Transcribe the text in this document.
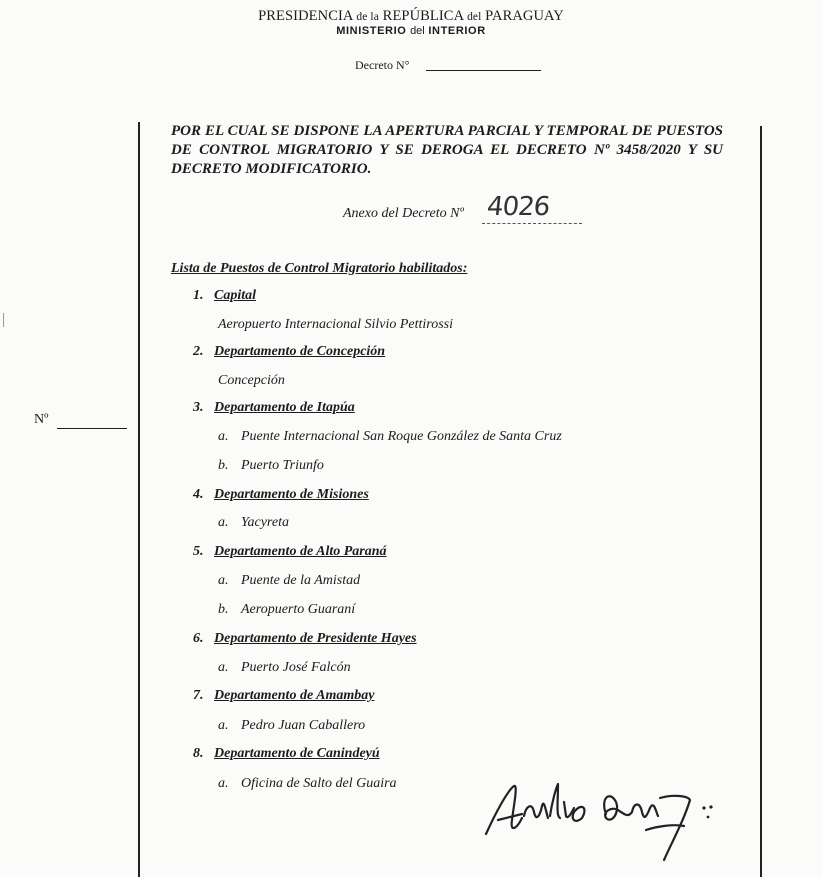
PRESIDENCIA de la REPÚBLICA del PARAGUAY
MINISTERIO del INTERIOR
Decreto N°
POR EL CUAL SE DISPONE LA APERTURA PARCIAL Y TEMPORAL DE PUESTOS DE CONTROL MIGRATORIO Y SE DEROGA EL DECRETO Nº 3458/2020 Y SU DECRETO MODIFICATORIO.
Anexo del Decreto Nº 4026
Nº
Lista de Puestos de Control Migratorio habilitados:
1. Capital
Aeropuerto Internacional Silvio Pettirossi
2. Departamento de Concepción
Concepción
3. Departamento de Itapúa
a. Puente Internacional San Roque González de Santa Cruz
b. Puerto Triunfo
4. Departamento de Misiones
a. Yacyreta
5. Departamento de Alto Paraná
a. Puente de la Amistad
b. Aeropuerto Guaraní
6. Departamento de Presidente Hayes
a. Puerto José Falcón
7. Departamento de Amambay
a. Pedro Juan Caballero
8. Departamento de Canindeyú
a. Oficina de Salto del Guaira
